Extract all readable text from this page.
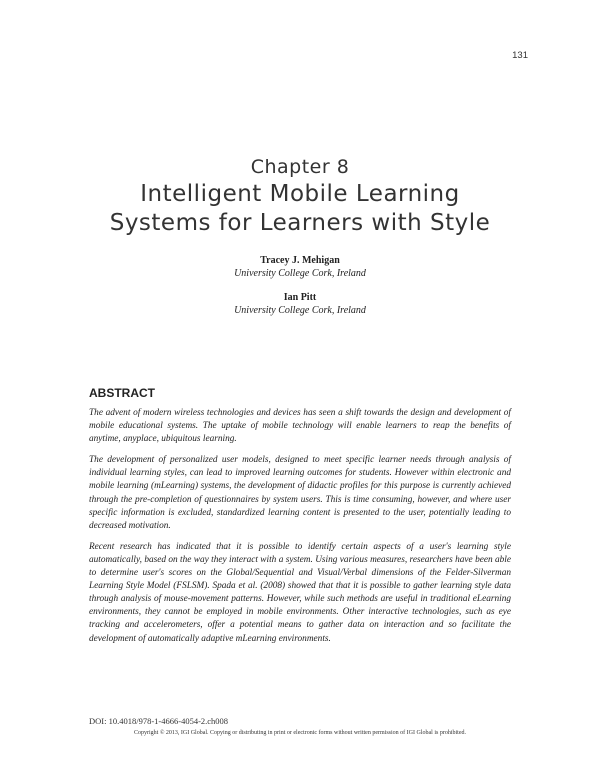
131
Chapter 8
Intelligent Mobile Learning
Systems for Learners with Style
Tracey J. Mehigan
University College Cork, Ireland
Ian Pitt
University College Cork, Ireland
ABSTRACT

The advent of modern wireless technologies and devices has seen a shift towards the design and development of mobile educational systems. The uptake of mobile technology will enable learners to reap the benefits of anytime, anyplace, ubiquitous learning.

The development of personalized user models, designed to meet specific learner needs through analysis of individual learning styles, can lead to improved learning outcomes for students. However within electronic and mobile learning (mLearning) systems, the development of didactic profiles for this purpose is currently achieved through the pre-completion of questionnaires by system users. This is time consuming, however, and where user specific information is excluded, standardized learning content is presented to the user, potentially leading to decreased motivation.

Recent research has indicated that it is possible to identify certain aspects of a user's learning style automatically, based on the way they interact with a system. Using various measures, researchers have been able to determine user's scores on the Global/Sequential and Visual/Verbal dimensions of the Felder-Silverman Learning Style Model (FSLSM). Spada et al. (2008) showed that that it is possible to gather learning style data through analysis of mouse-movement patterns. However, while such methods are useful in traditional eLearning environments, they cannot be employed in mobile environments. Other interactive technologies, such as eye tracking and accelerometers, offer a potential means to gather data on interaction and so facilitate the development of automatically adaptive mLearning environments.

DOI: 10.4018/978-1-4666-4054-2.ch008
Copyright © 2013, IGI Global. Copying or distributing in print or electronic forms without written permission of IGI Global is prohibited.
